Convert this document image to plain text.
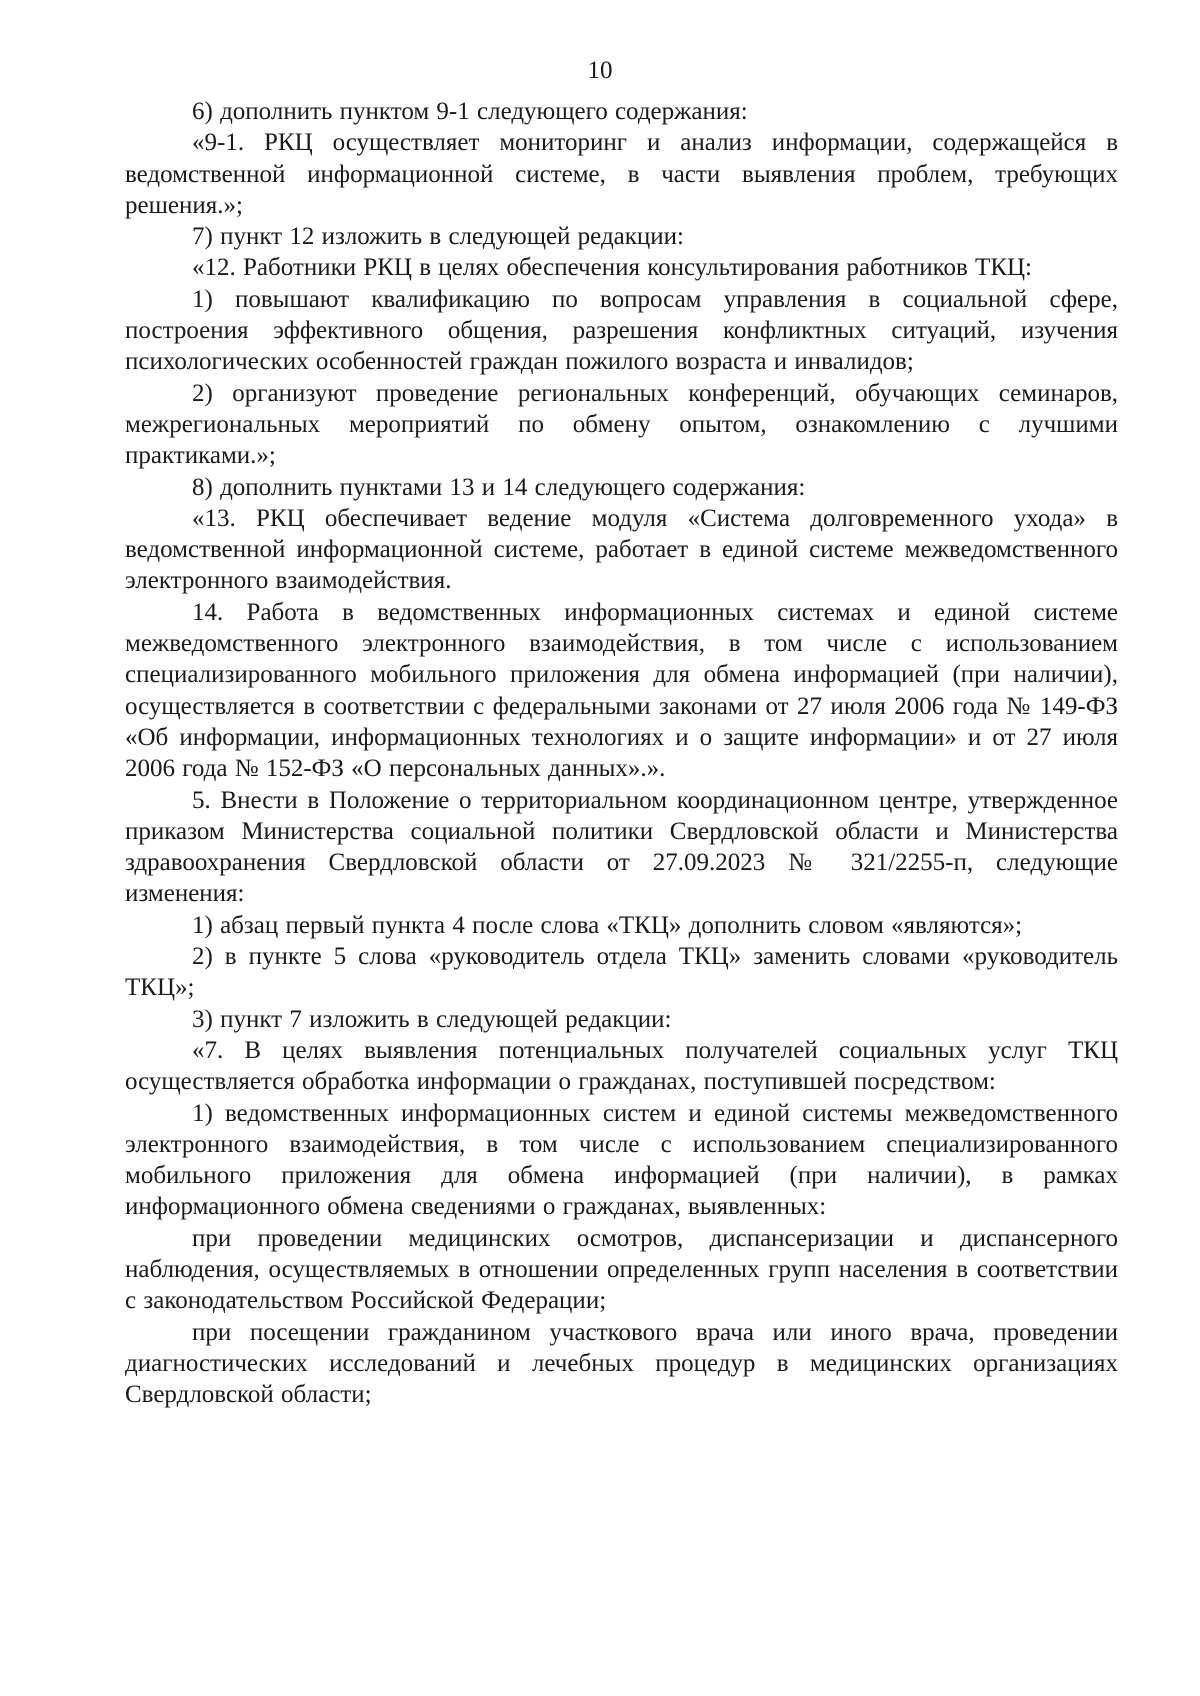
10

6) дополнить пунктом 9-1 следующего содержания:

«9-1. РКЦ осуществляет мониторинг и анализ информации, содержащейся в ведомственной информационной системе, в части выявления проблем, требующих решения.»;

7) пункт 12 изложить в следующей редакции:

«12. Работники РКЦ в целях обеспечения консультирования работников ТКЦ:

1) повышают квалификацию по вопросам управления в социальной сфере, построения эффективного общения, разрешения конфликтных ситуаций, изучения психологических особенностей граждан пожилого возраста и инвалидов;

2) организуют проведение региональных конференций, обучающих семинаров, межрегиональных мероприятий по обмену опытом, ознакомлению с лучшими практиками.»;

8) дополнить пунктами 13 и 14 следующего содержания:

«13. РКЦ обеспечивает ведение модуля «Система долговременного ухода» в ведомственной информационной системе, работает в единой системе межведомственного электронного взаимодействия.

14. Работа в ведомственных информационных системах и единой системе межведомственного электронного взаимодействия, в том числе с использованием специализированного мобильного приложения для обмена информацией (при наличии), осуществляется в соответствии с федеральными законами от 27 июля 2006 года № 149-ФЗ «Об информации, информационных технологиях и о защите информации» и от 27 июля 2006 года № 152-ФЗ «О персональных данных».».

5. Внести в Положение о территориальном координационном центре, утвержденное приказом Министерства социальной политики Свердловской области и Министерства здравоохранения Свердловской области от 27.09.2023 № 321/2255-п, следующие изменения:

1) абзац первый пункта 4 после слова «ТКЦ» дополнить словом «являются»;

2) в пункте 5 слова «руководитель отдела ТКЦ» заменить словами «руководитель ТКЦ»;

3) пункт 7 изложить в следующей редакции:

«7. В целях выявления потенциальных получателей социальных услуг ТКЦ осуществляется обработка информации о гражданах, поступившей посредством:

1) ведомственных информационных систем и единой системы межведомственного электронного взаимодействия, в том числе с использованием специализированного мобильного приложения для обмена информацией (при наличии), в рамках информационного обмена сведениями о гражданах, выявленных:

при проведении медицинских осмотров, диспансеризации и диспансерного наблюдения, осуществляемых в отношении определенных групп населения в соответствии с законодательством Российской Федерации;

при посещении гражданином участкового врача или иного врача, проведении диагностических исследований и лечебных процедур в медицинских организациях Свердловской области;
